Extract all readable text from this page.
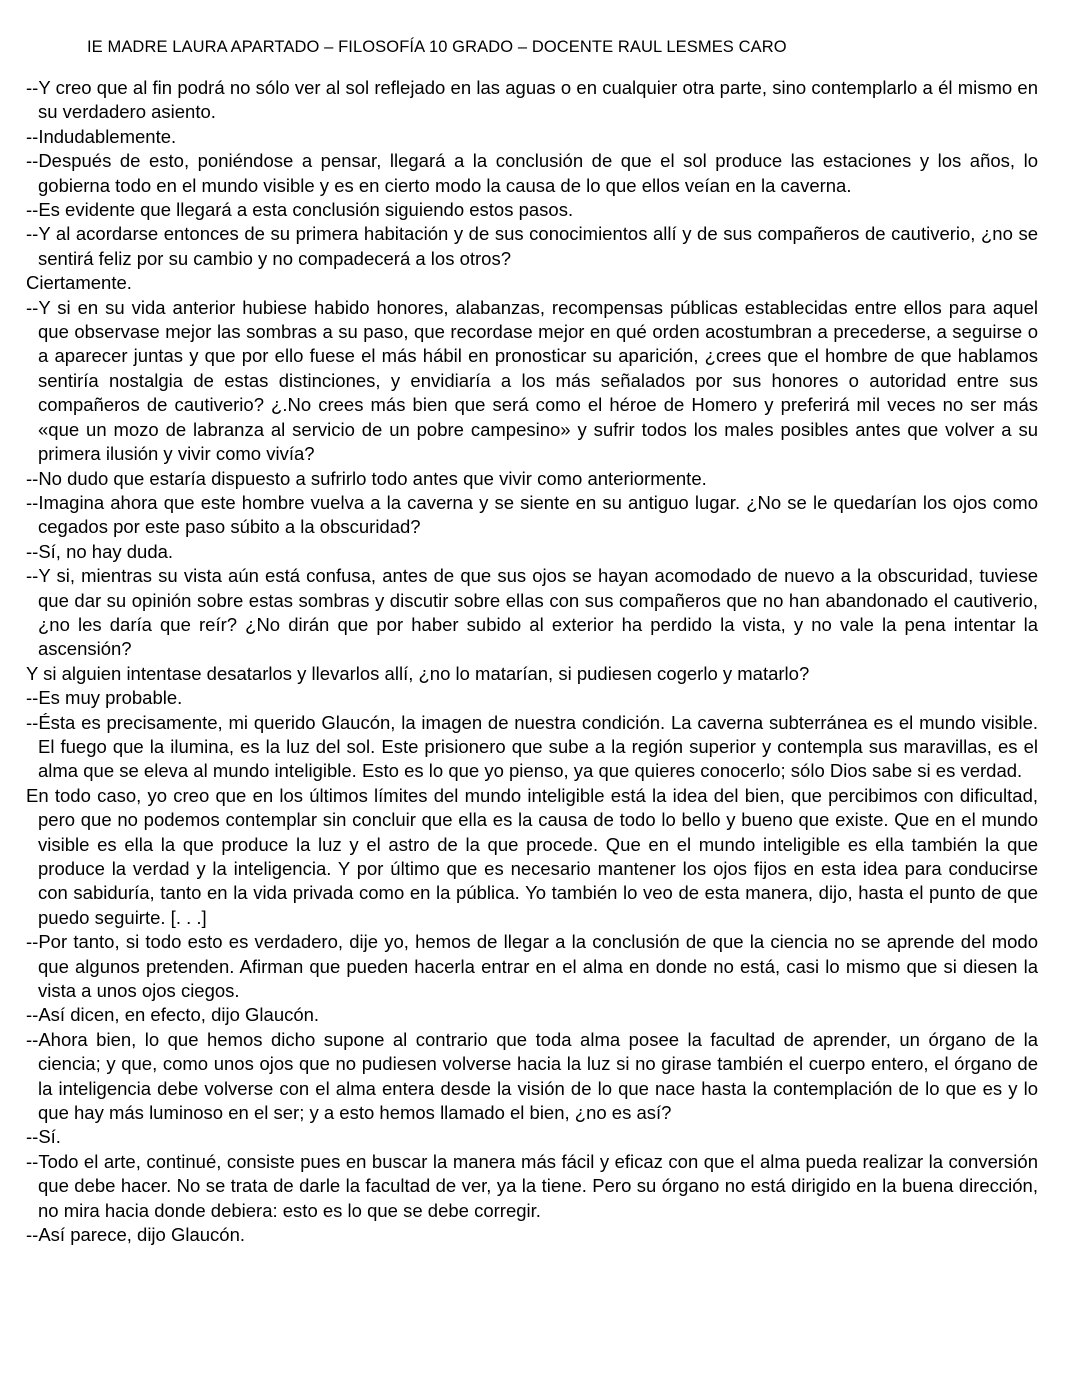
IE MADRE LAURA APARTADO – FILOSOFÍA 10 GRADO – DOCENTE RAUL LESMES CARO

--Y creo que al fin podrá no sólo ver al sol reflejado en las aguas o en cualquier otra parte, sino contemplarlo a él mismo en su verdadero asiento.

--Indudablemente.

--Después de esto, poniéndose a pensar, llegará a la conclusión de que el sol produce las estaciones y los años, lo gobierna todo en el mundo visible y es en cierto modo la causa de lo que ellos veían en la caverna.

--Es evidente que llegará a esta conclusión siguiendo estos pasos.

--Y al acordarse entonces de su primera habitación y de sus conocimientos allí y de sus compañeros de cautiverio, ¿no se sentirá feliz por su cambio y no compadecerá a los otros?

Ciertamente.

--Y si en su vida anterior hubiese habido honores, alabanzas, recompensas públicas establecidas entre ellos para aquel que observase mejor las sombras a su paso, que recordase mejor en qué orden acostumbran a precederse, a seguirse o a aparecer juntas y que por ello fuese el más hábil en pronosticar su aparición, ¿crees que el hombre de que hablamos sentiría nostalgia de estas distinciones, y envidiaría a los más señalados por sus honores o autoridad entre sus compañeros de cautiverio? ¿.No crees más bien que será como el héroe de Homero y preferirá mil veces no ser más «que un mozo de labranza al servicio de un pobre campesino» y sufrir todos los males posibles antes que volver a su primera ilusión y vivir como vivía?

--No dudo que estaría dispuesto a sufrirlo todo antes que vivir como anteriormente.

--Imagina ahora que este hombre vuelva a la caverna y se siente en su antiguo lugar. ¿No se le quedarían los ojos como cegados por este paso súbito a la obscuridad?

--Sí, no hay duda.

--Y si, mientras su vista aún está confusa, antes de que sus ojos se hayan acomodado de nuevo a la obscuridad, tuviese que dar su opinión sobre estas sombras y discutir sobre ellas con sus compañeros que no han abandonado el cautiverio, ¿no les daría que reír? ¿No dirán que por haber subido al exterior ha perdido la vista, y no vale la pena intentar la ascensión?

Y si alguien intentase desatarlos y llevarlos allí, ¿no lo matarían, si pudiesen cogerlo y matarlo?

--Es muy probable.

--Ésta es precisamente, mi querido Glaucón, la imagen de nuestra condición. La caverna subterránea es el mundo visible. El fuego que la ilumina, es la luz del sol. Este prisionero que sube a la región superior y contempla sus maravillas, es el alma que se eleva al mundo inteligible. Esto es lo que yo pienso, ya que quieres conocerlo; sólo Dios sabe si es verdad.

En todo caso, yo creo que en los últimos límites del mundo inteligible está la idea del bien, que percibimos con dificultad, pero que no podemos contemplar sin concluir que ella es la causa de todo lo bello y bueno que existe. Que en el mundo visible es ella la que produce la luz y el astro de la que procede. Que en el mundo inteligible es ella también la que produce la verdad y la inteligencia. Y por último que es necesario mantener los ojos fijos en esta idea para conducirse con sabiduría, tanto en la vida privada como en la pública. Yo también lo veo de esta manera, dijo, hasta el punto de que puedo seguirte. [. . .]

--Por tanto, si todo esto es verdadero, dije yo, hemos de llegar a la conclusión de que la ciencia no se aprende del modo que algunos pretenden. Afirman que pueden hacerla entrar en el alma en donde no está, casi lo mismo que si diesen la vista a unos ojos ciegos.

--Así dicen, en efecto, dijo Glaucón.

--Ahora bien, lo que hemos dicho supone al contrario que toda alma posee la facultad de aprender, un órgano de la ciencia; y que, como unos ojos que no pudiesen volverse hacia la luz si no girase también el cuerpo entero, el órgano de la inteligencia debe volverse con el alma entera desde la visión de lo que nace hasta la contemplación de lo que es y lo que hay más luminoso en el ser; y a esto hemos llamado el bien, ¿no es así?

--Sí.

--Todo el arte, continué, consiste pues en buscar la manera más fácil y eficaz con que el alma pueda realizar la conversión que debe hacer. No se trata de darle la facultad de ver, ya la tiene. Pero su órgano no está dirigido en la buena dirección, no mira hacia donde debiera: esto es lo que se debe corregir.

--Así parece, dijo Glaucón.
